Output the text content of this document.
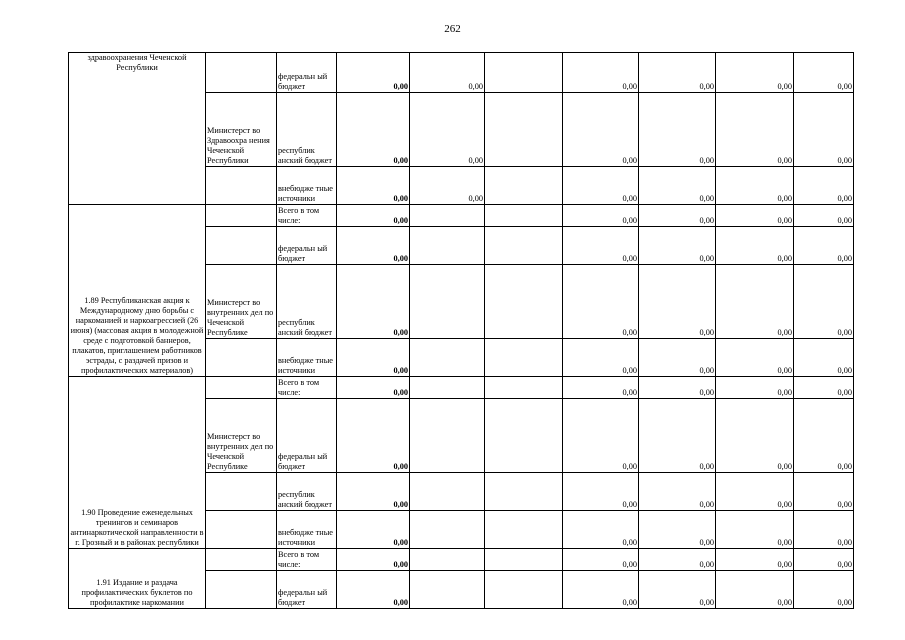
262
здравоохранения Чеченской Республики		федеральн ый бюджет	0,00	0,00		0,00	0,00	0,00	0,00
	Министерст во Здравоохра нения Чеченской Республики	республик анский бюджет	0,00	0,00		0,00	0,00	0,00	0,00
		внебюдже тные источники	0,00	0,00		0,00	0,00	0,00	0,00
1.89 Республиканская акция к Международному дню борьбы с наркоманией и наркоагрессией (26 июня) (массовая акция в молодежной среде с подготовкой баннеров, плакатов, приглашением работников эстрады, с раздачей призов и профилактических материалов)		Всего в том числе:	0,00			0,00	0,00	0,00	0,00
		федеральн ый бюджет	0,00			0,00	0,00	0,00	0,00
	Министерст во внутренних дел по Чеченской Республике	республик анский бюджет	0,00			0,00	0,00	0,00	0,00
		внебюдже тные источники	0,00			0,00	0,00	0,00	0,00
1.90 Проведение еженедельных тренингов и семинаров антинаркотической направленности в г. Грозный и в районах республики		Всего в том числе:	0,00			0,00	0,00	0,00	0,00
	Министерст во внутренних дел по Чеченской Республике	федеральн ый бюджет	0,00			0,00	0,00	0,00	0,00
		республик анский бюджет	0,00			0,00	0,00	0,00	0,00
		внебюдже тные источники	0,00			0,00	0,00	0,00	0,00
1.91 Издание и раздача профилактических буклетов по профилактике наркомании		Всего в том числе:	0,00			0,00	0,00	0,00	0,00
		федеральн ый бюджет	0,00			0,00	0,00	0,00	0,00
